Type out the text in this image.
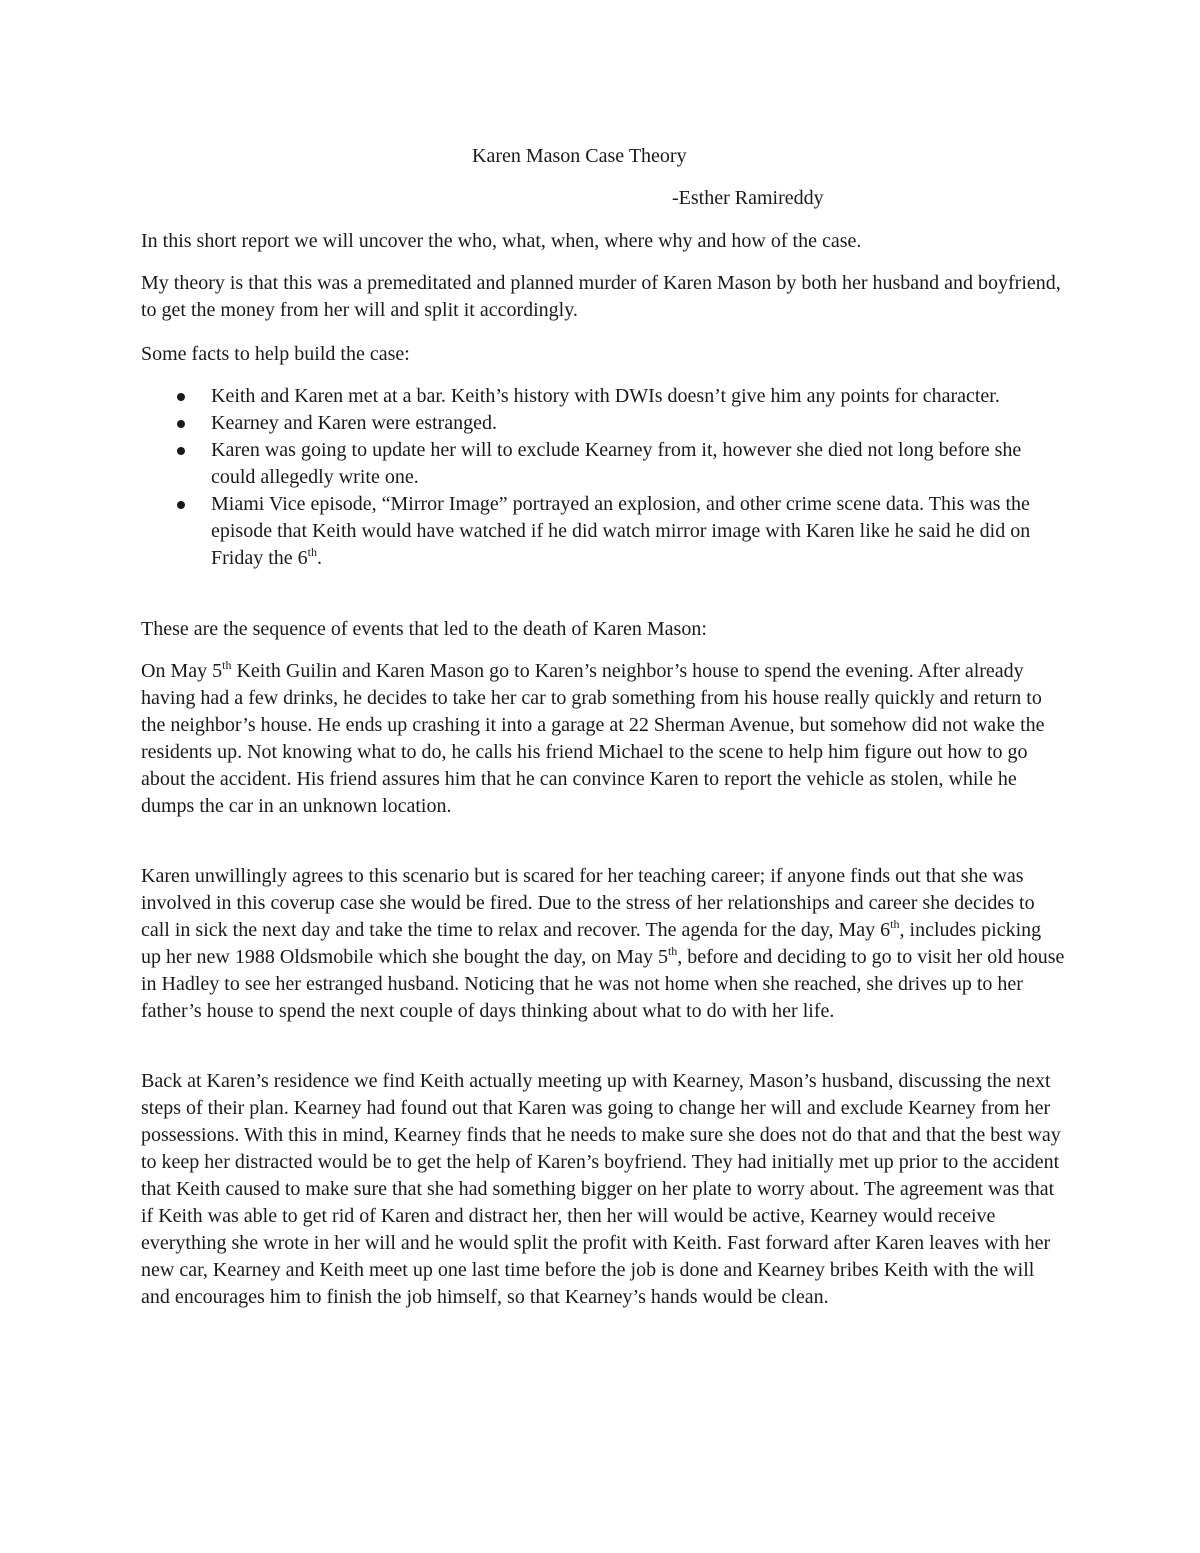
Karen Mason Case Theory
-Esther Ramireddy

In this short report we will uncover the who, what, when, where why and how of the case.

My theory is that this was a premeditated and planned murder of Karen Mason by both her husband and boyfriend, to get the money from her will and split it accordingly.

Some facts to help build the case:

Keith and Karen met at a bar. Keith’s history with DWIs doesn’t give him any points for character.
Kearney and Karen were estranged.
Karen was going to update her will to exclude Kearney from it, however she died not long before she could allegedly write one.
Miami Vice episode, “Mirror Image” portrayed an explosion, and other crime scene data. This was the episode that Keith would have watched if he did watch mirror image with Karen like he said he did on Friday the 6th.

These are the sequence of events that led to the death of Karen Mason:

On May 5th Keith Guilin and Karen Mason go to Karen’s neighbor’s house to spend the evening. After already having had a few drinks, he decides to take her car to grab something from his house really quickly and return to the neighbor’s house. He ends up crashing it into a garage at 22 Sherman Avenue, but somehow did not wake the residents up. Not knowing what to do, he calls his friend Michael to the scene to help him figure out how to go about the accident. His friend assures him that he can convince Karen to report the vehicle as stolen, while he dumps the car in an unknown location.

Karen unwillingly agrees to this scenario but is scared for her teaching career; if anyone finds out that she was involved in this coverup case she would be fired. Due to the stress of her relationships and career she decides to call in sick the next day and take the time to relax and recover. The agenda for the day, May 6th, includes picking up her new 1988 Oldsmobile which she bought the day, on May 5th, before and deciding to go to visit her old house in Hadley to see her estranged husband. Noticing that he was not home when she reached, she drives up to her father’s house to spend the next couple of days thinking about what to do with her life.

Back at Karen’s residence we find Keith actually meeting up with Kearney, Mason’s husband, discussing the next steps of their plan. Kearney had found out that Karen was going to change her will and exclude Kearney from her possessions. With this in mind, Kearney finds that he needs to make sure she does not do that and that the best way to keep her distracted would be to get the help of Karen’s boyfriend. They had initially met up prior to the accident that Keith caused to make sure that she had something bigger on her plate to worry about. The agreement was that if Keith was able to get rid of Karen and distract her, then her will would be active, Kearney would receive everything she wrote in her will and he would split the profit with Keith. Fast forward after Karen leaves with her new car, Kearney and Keith meet up one last time before the job is done and Kearney bribes Keith with the will and encourages him to finish the job himself, so that Kearney’s hands would be clean.
